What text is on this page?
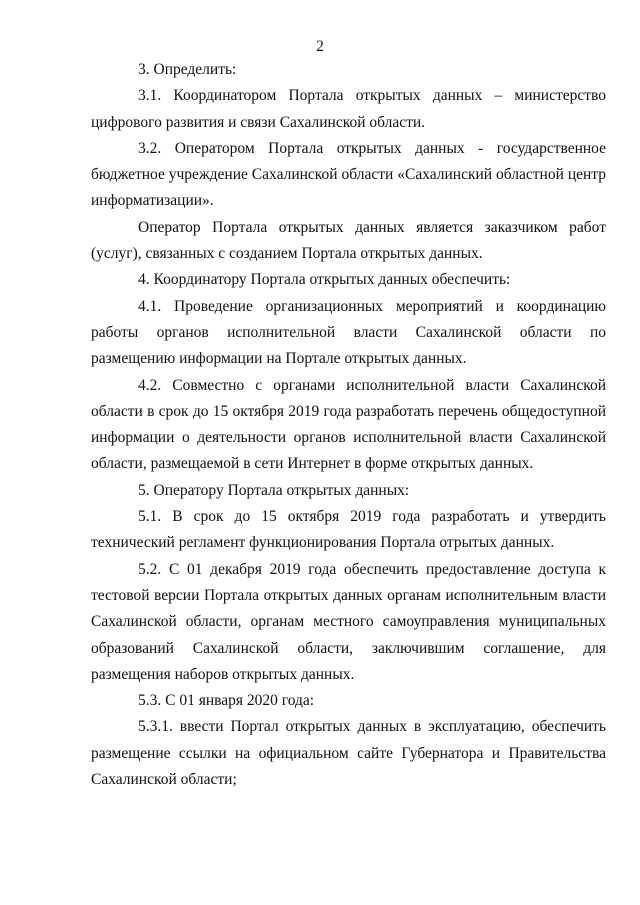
2

3. Определить:

3.1. Координатором Портала открытых данных – министерство цифрового развития и связи Сахалинской области.

3.2. Оператором Портала открытых данных - государственное бюджетное учреждение Сахалинской области «Сахалинский областной центр информатизации».

Оператор Портала открытых данных является заказчиком работ (услуг), связанных с созданием Портала открытых данных.

4. Координатору Портала открытых данных обеспечить:

4.1. Проведение организационных мероприятий и координацию работы органов исполнительной власти Сахалинской области по размещению информации на Портале открытых данных.

4.2. Совместно с органами исполнительной власти Сахалинской области в срок до 15 октября 2019 года разработать перечень общедоступной информации о деятельности органов исполнительной власти Сахалинской области, размещаемой в сети Интернет в форме открытых данных.

5. Оператору Портала открытых данных:

5.1. В срок до 15 октября 2019 года разработать и утвердить технический регламент функционирования Портала отрытых данных.

5.2. С 01 декабря 2019 года обеспечить предоставление доступа к тестовой версии Портала открытых данных органам исполнительным власти Сахалинской области, органам местного самоуправления муниципальных образований Сахалинской области, заключившим соглашение, для размещения наборов открытых данных.

5.3. С 01 января 2020 года:

5.3.1. ввести Портал открытых данных в эксплуатацию, обеспечить размещение ссылки на официальном сайте Губернатора и Правительства Сахалинской области;
